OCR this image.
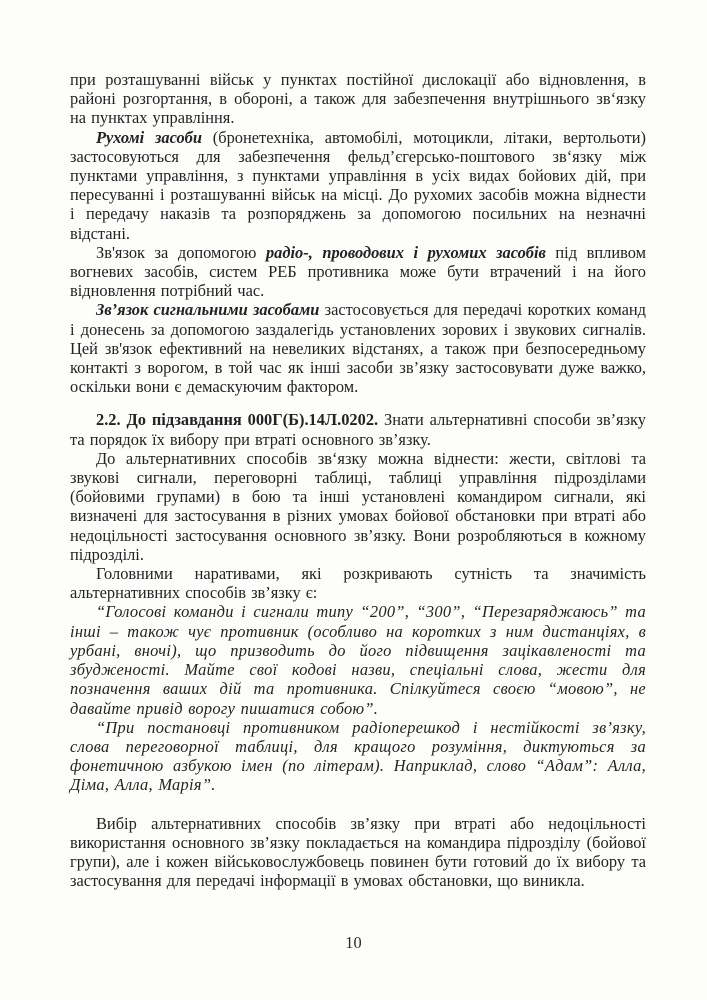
при розташуванні військ у пунктах постійної дислокації або відновлення, в районі розгортання, в обороні, а також для забезпечення внутрішнього зв‘язку на пунктах управління.

Рухомі засоби (бронетехніка, автомобілі, мотоцикли, літаки, вертольоти) застосовуються для забезпечення фельд’єгерсько-поштового зв‘язку між пунктами управління, з пунктами управління в усіх видах бойових дій, при пересуванні і розташуванні військ на місці. До рухомих засобів можна віднести і передачу наказів та розпоряджень за допомогою посильних на незначні відстані.

Зв'язок за допомогою радіо-, проводових і рухомих засобів під впливом вогневих засобів, систем РЕБ противника може бути втрачений і на його відновлення потрібний час.

Зв’язок сигнальними засобами застосовується для передачі коротких команд і донесень за допомогою заздалегідь установлених зорових і звукових сигналів. Цей зв'язок ефективний на невеликих відстанях, а також при безпосередньому контакті з ворогом, в той час як інші засоби зв’язку застосовувати дуже важко, оскільки вони є демаскуючим фактором.

2.2. До підзавдання 000Г(Б).14Л.0202. Знати альтернативні способи зв’язку та порядок їх вибору при втраті основного зв’язку.

До альтернативних способів зв‘язку можна віднести: жести, світлові та звукові сигнали, переговорні таблиці, таблиці управління підрозділами (бойовими групами) в бою та інші установлені командиром сигнали, які визначені для застосування в різних умовах бойової обстановки при втраті або недоцільності застосування основного зв’язку. Вони розробляються в кожному підрозділі.

Головними наративами, які розкривають сутність та значимість альтернативних способів зв’язку є:

“Голосові команди і сигнали типу “200”, “300”, “Перезаряджаюсь” та інші – також чує противник (особливо на коротких з ним дистанціях, в урбані, вночі), що призводить до його підвищення зацікавленості та збудженості. Майте свої кодові назви, спеціальні слова, жести для позначення ваших дій та противника. Спілкуйтеся своєю “мовою”, не давайте привід ворогу пишатися собою”.

“При постановці противником радіоперешкод і нестійкості зв’язку, слова переговорної таблиці, для кращого розуміння, диктуються за фонетичною азбукою імен (по літерам). Наприклад, слово “Адам”: Алла, Діма, Алла, Марія”.

Вибір альтернативних способів зв’язку при втраті або недоцільності використання основного зв’язку покладається на командира підрозділу (бойової групи), але і кожен військовослужбовець повинен бути готовий до їх вибору та застосування для передачі інформації в умовах обстановки, що виникла.

10
